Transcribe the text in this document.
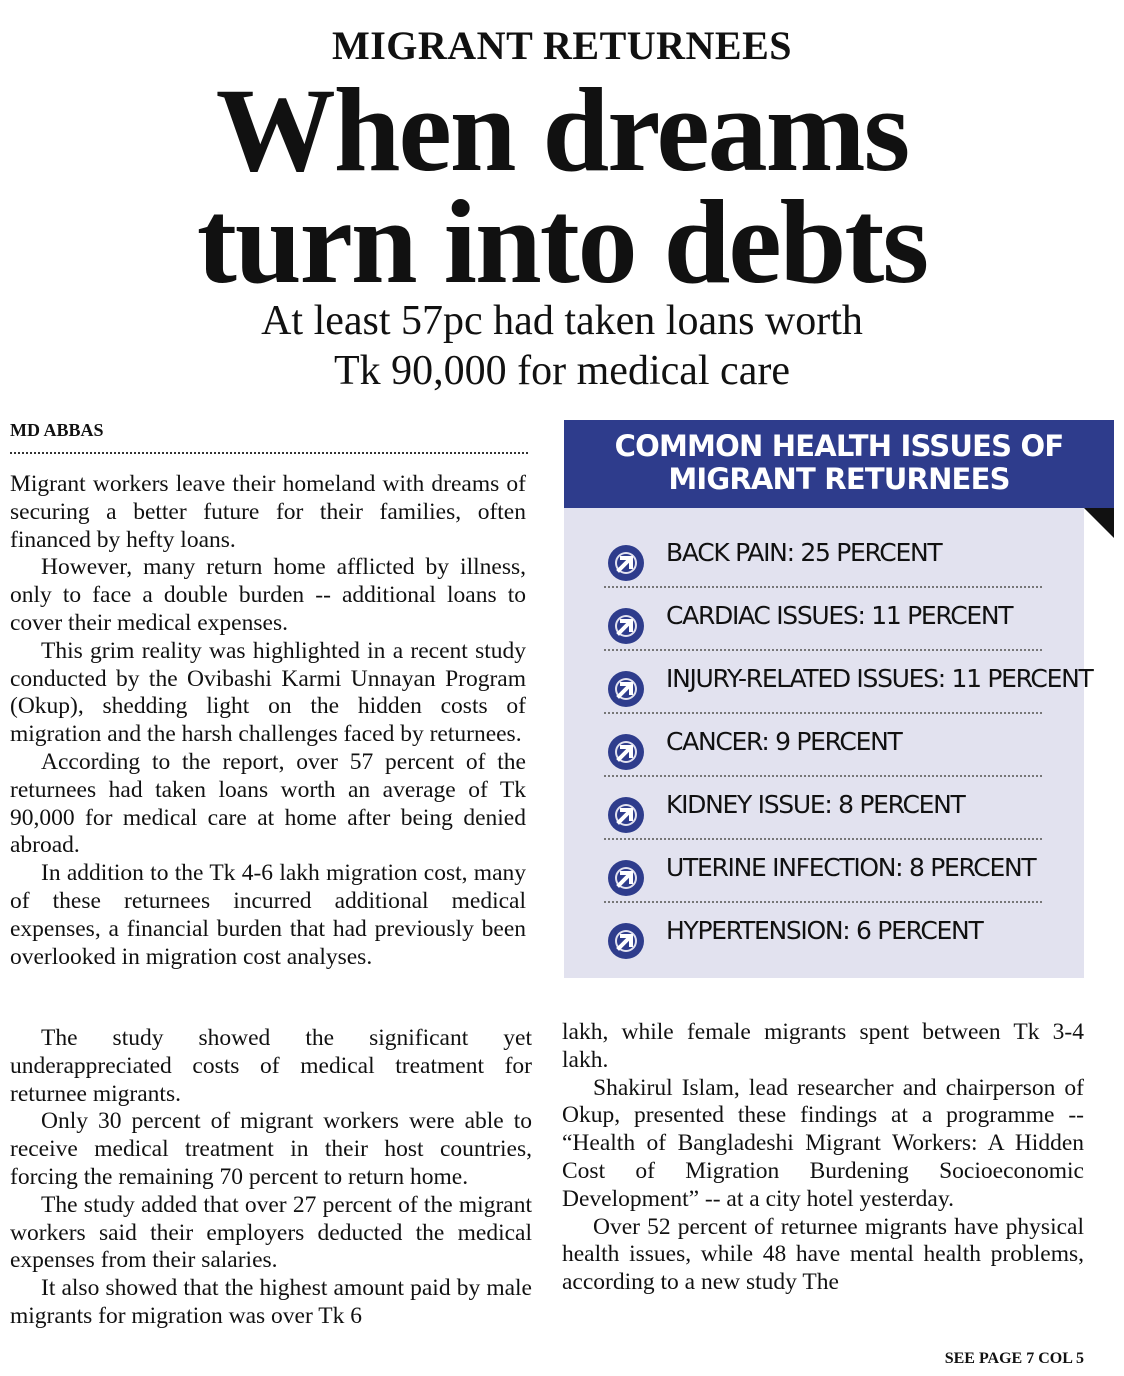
MIGRANT RETURNEES
When dreams
turn into debts
At least 57pc had taken loans worth
Tk 90,000 for medical care
MD ABBAS

Migrant workers leave their homeland with dreams of securing a better future for their families, often financed by hefty loans.

However, many return home afflicted by illness, only to face a double burden -- additional loans to cover their medical expenses.

This grim reality was highlighted in a recent study conducted by the Ovibashi Karmi Unnayan Program (Okup), shedding light on the hidden costs of migration and the harsh challenges faced by returnees.

According to the report, over 57 percent of the returnees had taken loans worth an average of Tk 90,000 for medical care at home after being denied abroad.

In addition to the Tk 4-6 lakh migration cost, many of these returnees incurred additional medical expenses, a financial burden that had previously been overlooked in migration cost analyses.

The study showed the significant yet underappreciated costs of medical treatment for returnee migrants.

Only 30 percent of migrant workers were able to receive medical treatment in their host countries, forcing the remaining 70 percent to return home.

The study added that over 27 percent of the migrant workers said their employers deducted the medical expenses from their salaries.

It also showed that the highest amount paid by male migrants for migration was over Tk 6

COMMON HEALTH ISSUES OF
MIGRANT RETURNEES
BACK PAIN: 25 PERCENT
CARDIAC ISSUES: 11 PERCENT
INJURY-RELATED ISSUES: 11 PERCENT
CANCER: 9 PERCENT
KIDNEY ISSUE: 8 PERCENT
UTERINE INFECTION: 8 PERCENT
HYPERTENSION: 6 PERCENT

lakh, while female migrants spent between Tk 3-4 lakh.

Shakirul Islam, lead researcher and chairperson of Okup, presented these findings at a programme -- “Health of Bangladeshi Migrant Workers: A Hidden Cost of Migration Burdening Socioeconomic Development” -- at a city hotel yesterday.

Over 52 percent of returnee migrants have physical health issues, while 48 have mental health problems, according to a new study The

SEE PAGE 7 COL 5
